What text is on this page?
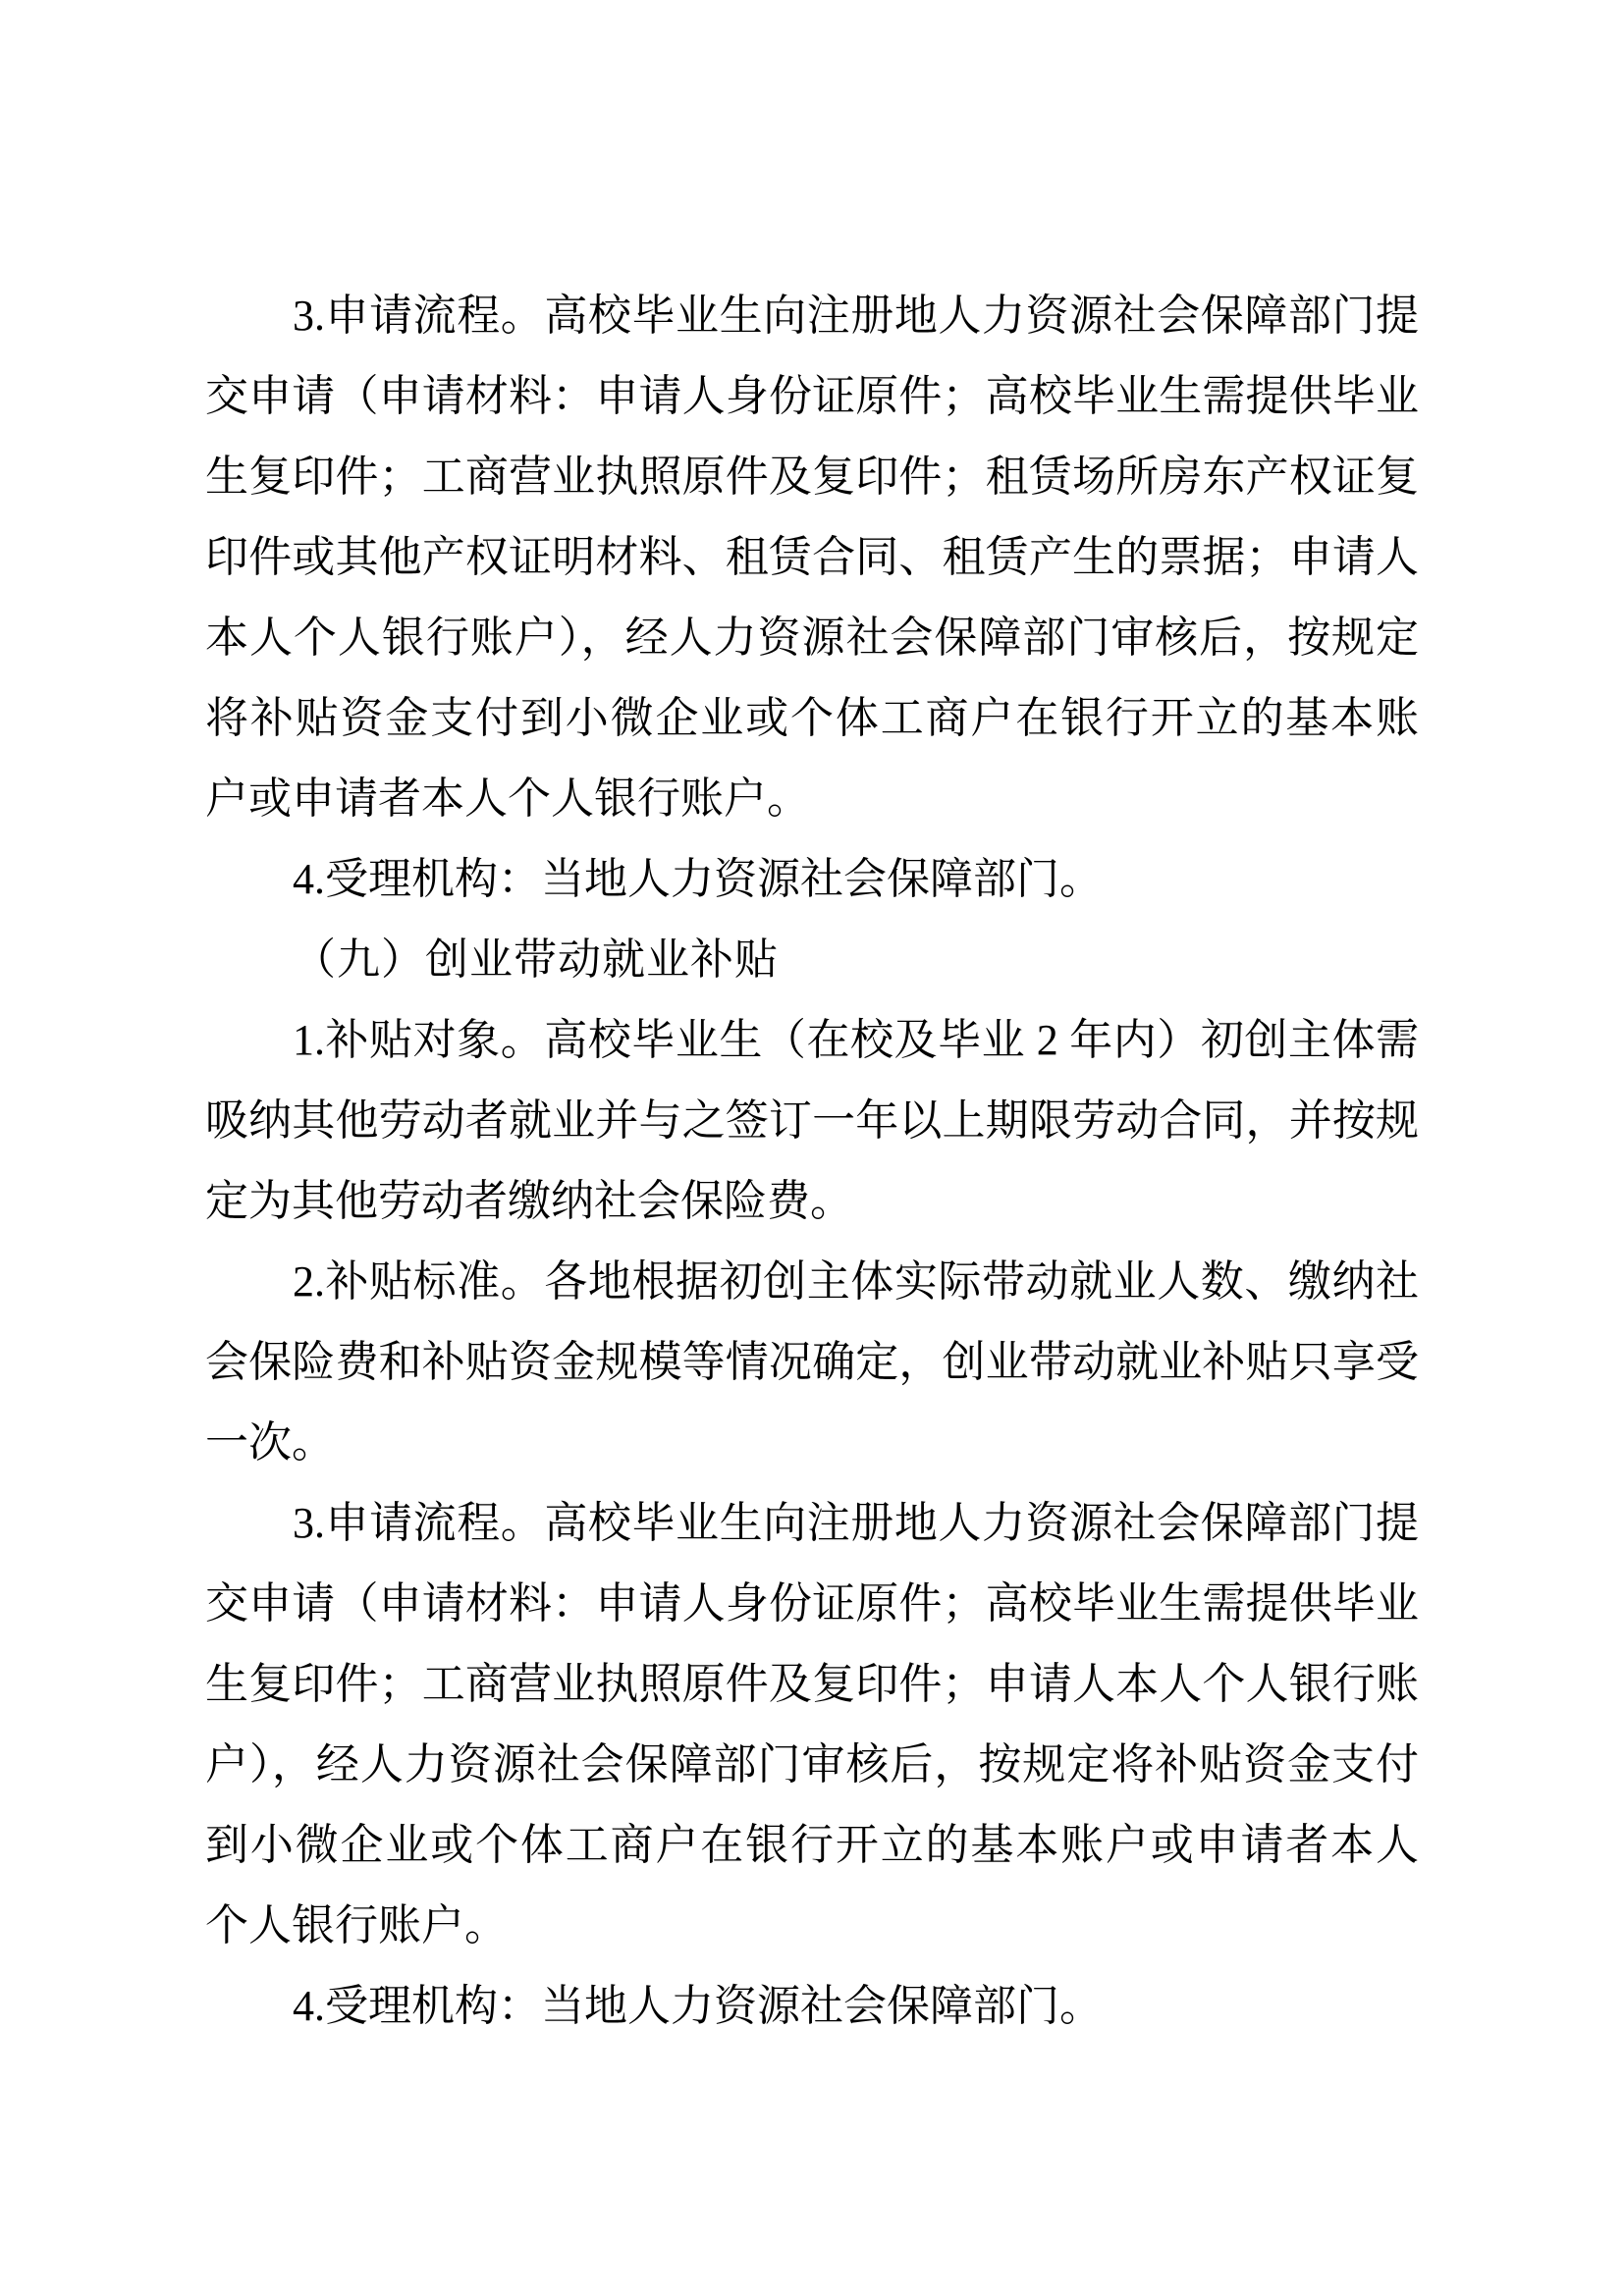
3.申请流程。高校毕业生向注册地人力资源社会保障部门提
交申请（申请材料：申请人身份证原件；高校毕业生需提供毕业
生复印件；工商营业执照原件及复印件；租赁场所房东产权证复
印件或其他产权证明材料、租赁合同、租赁产生的票据；申请人
本人个人银行账户），经人力资源社会保障部门审核后，按规定
将补贴资金支付到小微企业或个体工商户在银行开立的基本账
户或申请者本人个人银行账户。
4.受理机构：当地人力资源社会保障部门。
（九）创业带动就业补贴
1.补贴对象。高校毕业生（在校及毕业 2 年内）初创主体需
吸纳其他劳动者就业并与之签订一年以上期限劳动合同，并按规
定为其他劳动者缴纳社会保险费。
2.补贴标准。各地根据初创主体实际带动就业人数、缴纳社
会保险费和补贴资金规模等情况确定，创业带动就业补贴只享受
一次。
3.申请流程。高校毕业生向注册地人力资源社会保障部门提
交申请（申请材料：申请人身份证原件；高校毕业生需提供毕业
生复印件；工商营业执照原件及复印件；申请人本人个人银行账
户），经人力资源社会保障部门审核后，按规定将补贴资金支付
到小微企业或个体工商户在银行开立的基本账户或申请者本人
个人银行账户。
4.受理机构：当地人力资源社会保障部门。
